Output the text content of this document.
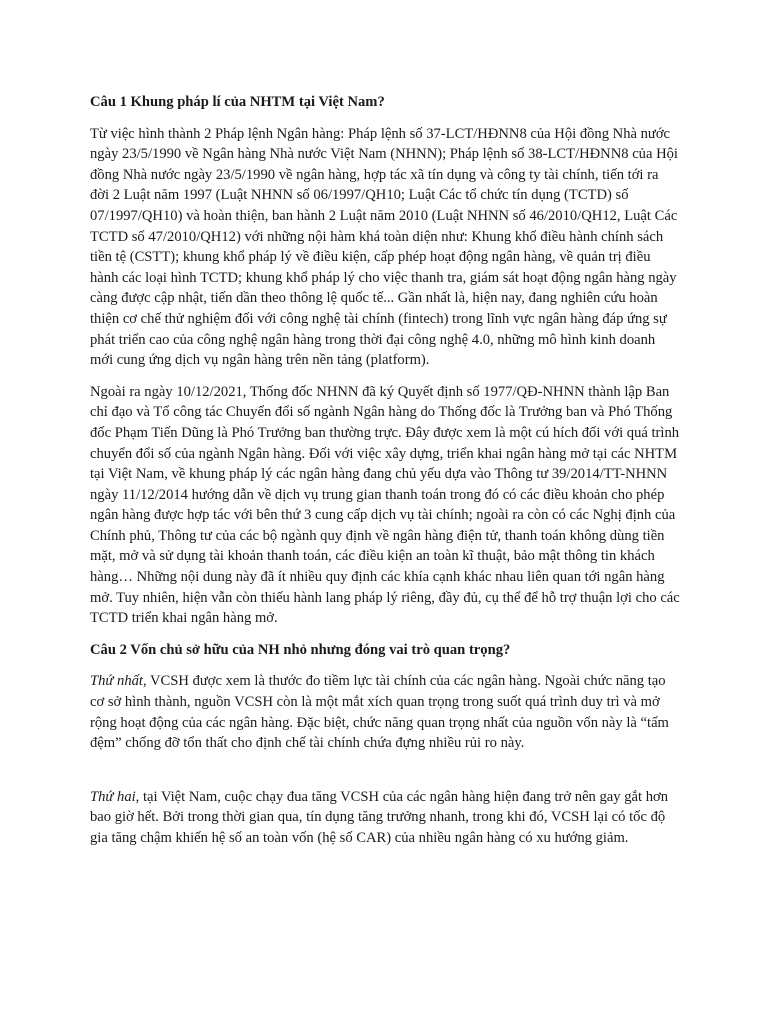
Câu 1 Khung pháp lí của NHTM tại Việt Nam?

Từ việc hình thành 2 Pháp lệnh Ngân hàng: Pháp lệnh số 37-LCT/HĐNN8 của Hội đồng Nhà nước ngày 23/5/1990 về Ngân hàng Nhà nước Việt Nam (NHNN); Pháp lệnh số 38-LCT/HĐNN8 của Hội đồng Nhà nước ngày 23/5/1990 về ngân hàng, hợp tác xã tín dụng và công ty tài chính, tiến tới ra đời 2 Luật năm 1997 (Luật NHNN số 06/1997/QH10; Luật Các tổ chức tín dụng (TCTD) số 07/1997/QH10) và hoàn thiện, ban hành 2 Luật năm 2010 (Luật NHNN số 46/2010/QH12, Luật Các TCTD số 47/2010/QH12) với những nội hàm khá toàn diện như: Khung khổ điều hành chính sách tiền tệ (CSTT); khung khổ pháp lý về điều kiện, cấp phép hoạt động ngân hàng, về quản trị điều hành các loại hình TCTD; khung khổ pháp lý cho việc thanh tra, giám sát hoạt động ngân hàng ngày càng được cập nhật, tiến dần theo thông lệ quốc tế... Gần nhất là, hiện nay, đang nghiên cứu hoàn thiện cơ chế thử nghiệm đối với công nghệ tài chính (fintech) trong lĩnh vực ngân hàng đáp ứng sự phát triển cao của công nghệ ngân hàng trong thời đại công nghệ 4.0, những mô hình kinh doanh mới cung ứng dịch vụ ngân hàng trên nền tảng (platform).

Ngoài ra ngày 10/12/2021, Thống đốc NHNN đã ký Quyết định số 1977/QĐ-NHNN thành lập Ban chỉ đạo và Tổ công tác Chuyển đổi số ngành Ngân hàng do Thống đốc là Trưởng ban và Phó Thống đốc Phạm Tiến Dũng là Phó Trưởng ban thường trực. Đây được xem là một cú hích đối với quá trình chuyển đổi số của ngành Ngân hàng. Đối với việc xây dựng, triển khai ngân hàng mở tại các NHTM tại Việt Nam, về khung pháp lý các ngân hàng đang chủ yếu dựa vào Thông tư 39/2014/TT-NHNN ngày 11/12/2014 hướng dẫn về dịch vụ trung gian thanh toán trong đó có các điều khoản cho phép ngân hàng được hợp tác với bên thứ 3 cung cấp dịch vụ tài chính; ngoài ra còn có các Nghị định của Chính phủ, Thông tư của các bộ ngành quy định về ngân hàng điện tử, thanh toán không dùng tiền mặt, mở và sử dụng tài khoản thanh toán, các điều kiện an toàn kĩ thuật, bảo mật thông tin khách hàng… Những nội dung này đã ít nhiều quy định các khía cạnh khác nhau liên quan tới ngân hàng mở. Tuy nhiên, hiện vẫn còn thiếu hành lang pháp lý riêng, đầy đủ, cụ thể để hỗ trợ thuận lợi cho các TCTD triển khai ngân hàng mở.

Câu 2 Vốn chủ sở hữu của NH nhỏ nhưng đóng vai trò quan trọng?

Thứ nhất, VCSH được xem là thước đo tiềm lực tài chính của các ngân hàng. Ngoài chức năng tạo cơ sở hình thành, nguồn VCSH còn là một mắt xích quan trọng trong suốt quá trình duy trì và mở rộng hoạt động của các ngân hàng. Đặc biệt, chức năng quan trọng nhất của nguồn vốn này là “tấm đệm” chống đỡ tổn thất cho định chế tài chính chứa đựng nhiều rủi ro này.

Thứ hai, tại Việt Nam, cuộc chạy đua tăng VCSH của các ngân hàng hiện đang trở nên gay gắt hơn bao giờ hết. Bởi trong thời gian qua, tín dụng tăng trưởng nhanh, trong khi đó, VCSH lại có tốc độ gia tăng chậm khiến hệ số an toàn vốn (hệ số CAR) của nhiều ngân hàng có xu hướng giảm.
